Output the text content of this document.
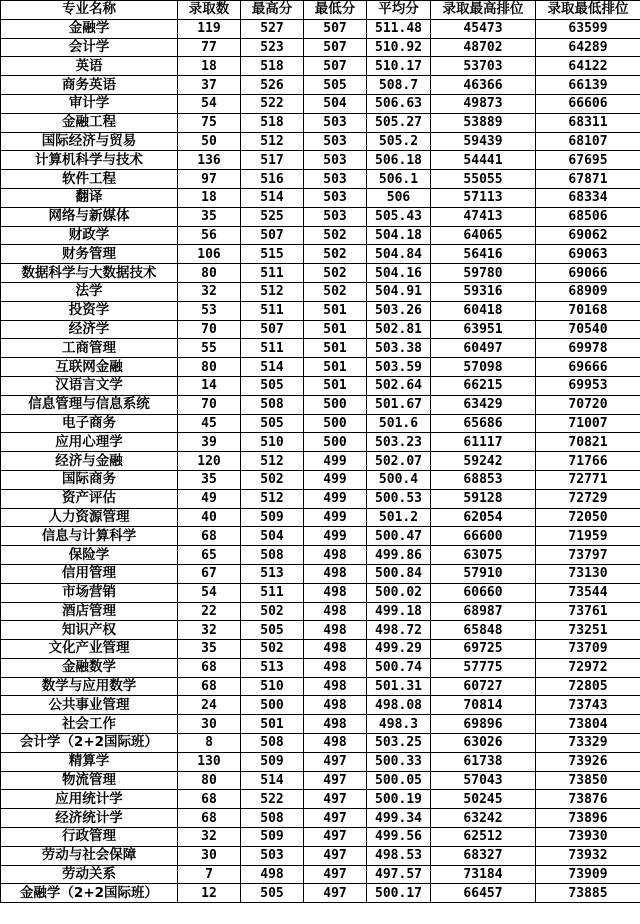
专业名称	录取数	最高分	最低分	平均分	录取最高排位	录取最低排位
金融学	119	527	507	511.48	45473	63599
会计学	77	523	507	510.92	48702	64289
英语	18	518	507	510.17	53703	64122
商务英语	37	526	505	508.7	46366	66139
审计学	54	522	504	506.63	49873	66606
金融工程	75	518	503	505.27	53889	68311
国际经济与贸易	50	512	503	505.2	59439	68107
计算机科学与技术	136	517	503	506.18	54441	67695
软件工程	97	516	503	506.1	55055	67871
翻译	18	514	503	506	57113	68334
网络与新媒体	35	525	503	505.43	47413	68506
财政学	56	507	502	504.18	64065	69062
财务管理	106	515	502	504.84	56416	69063
数据科学与大数据技术	80	511	502	504.16	59780	69066
法学	32	512	502	504.91	59316	68909
投资学	53	511	501	503.26	60418	70168
经济学	70	507	501	502.81	63951	70540
工商管理	55	511	501	503.38	60497	69978
互联网金融	80	514	501	503.59	57098	69666
汉语言文学	14	505	501	502.64	66215	69953
信息管理与信息系统	70	508	500	501.67	63429	70720
电子商务	45	505	500	501.6	65686	71007
应用心理学	39	510	500	503.23	61117	70821
经济与金融	120	512	499	502.07	59242	71766
国际商务	35	502	499	500.4	68853	72771
资产评估	49	512	499	500.53	59128	72729
人力资源管理	40	509	499	501.2	62054	72050
信息与计算科学	68	504	499	500.47	66600	71959
保险学	65	508	498	499.86	63075	73797
信用管理	67	513	498	500.84	57910	73130
市场营销	54	511	498	500.02	60660	73544
酒店管理	22	502	498	499.18	68987	73761
知识产权	32	505	498	498.72	65848	73251
文化产业管理	35	502	498	499.29	69725	73709
金融数学	68	513	498	500.74	57775	72972
数学与应用数学	68	510	498	501.31	60727	72805
公共事业管理	24	500	498	498.08	70814	73743
社会工作	30	501	498	498.3	69896	73804
会计学（2+2国际班）	8	508	498	503.25	63026	73329
精算学	130	509	497	500.33	61738	73926
物流管理	80	514	497	500.05	57043	73850
应用统计学	68	522	497	500.19	50245	73876
经济统计学	68	508	497	499.34	63242	73896
行政管理	32	509	497	499.56	62512	73930
劳动与社会保障	30	503	497	498.53	68327	73932
劳动关系	7	498	497	497.57	73184	73909
金融学（2+2国际班）	12	505	497	500.17	66457	73885
